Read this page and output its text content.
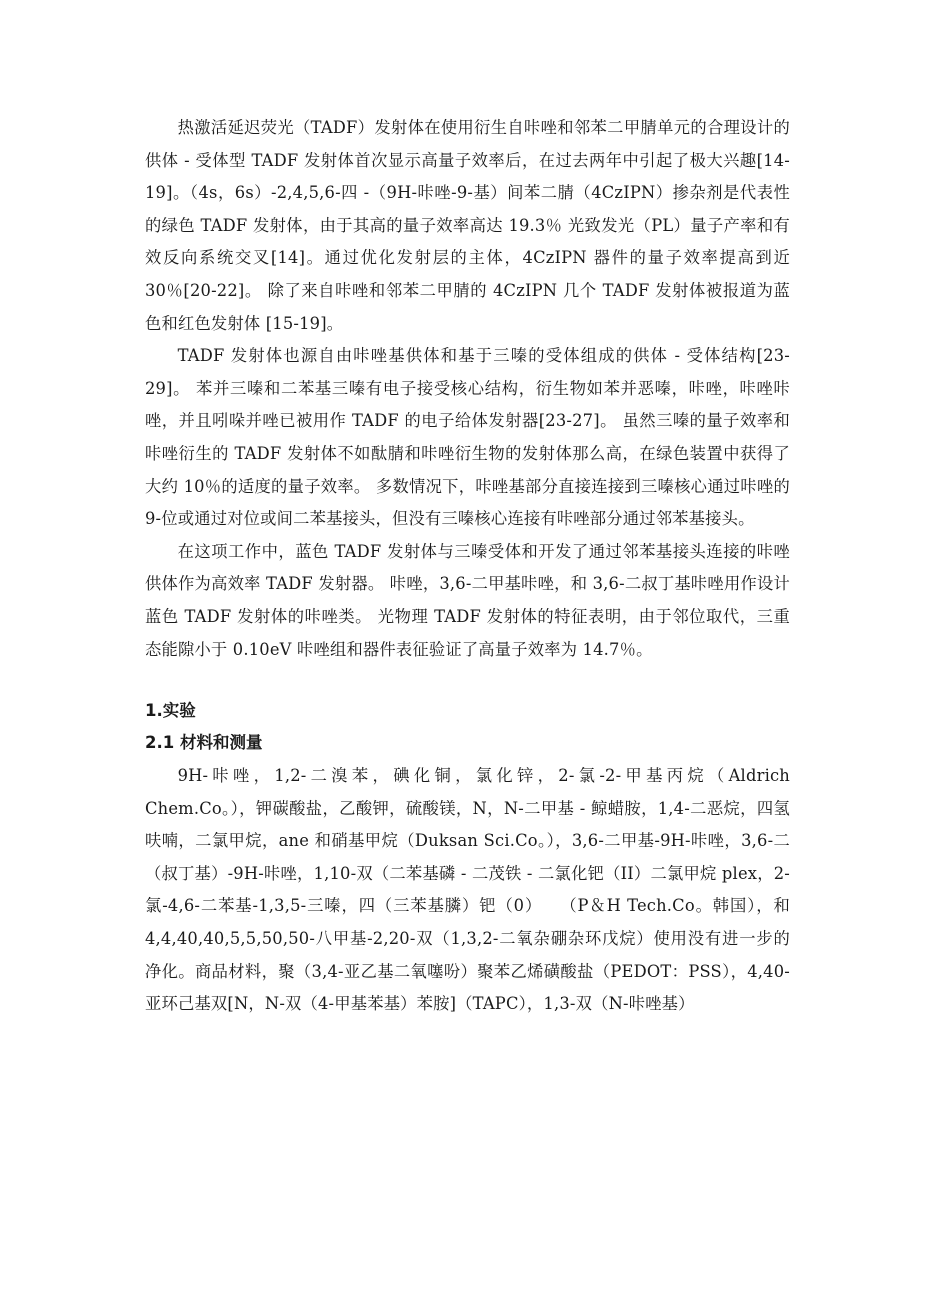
热激活延迟荧光（TADF）发射体在使用衍生自咔唑和邻苯二甲腈单元的合理设计的供体 - 受体型 TADF 发射体首次显示高量子效率后，在过去两年中引起了极大兴趣[14-19]。（4s，6s）-2,4,5,6-四 -（9H-咔唑-9-基）间苯二腈（4CzIPN）掺杂剂是代表性的绿色 TADF 发射体，由于其高的量子效率高达 19.3％ 光致发光（PL）量子产率和有效反向系统交叉[14]。通过优化发射层的主体，4CzIPN 器件的量子效率提高到近 30％[20-22]。 除了来自咔唑和邻苯二甲腈的 4CzIPN 几个 TADF 发射体被报道为蓝色和红色发射体 [15-19]。

TADF 发射体也源自由咔唑基供体和基于三嗪的受体组成的供体 - 受体结构[23-29]。 苯并三嗪和二苯基三嗪有电子接受核心结构，衍生物如苯并恶嗪，咔唑，咔唑咔唑，并且吲哚并唑已被用作 TADF 的电子给体发射器[23-27]。 虽然三嗪的量子效率和咔唑衍生的 TADF 发射体不如酞腈和咔唑衍生物的发射体那么高，在绿色装置中获得了大约 10％的适度的量子效率。 多数情况下，咔唑基部分直接连接到三嗪核心通过咔唑的 9-位或通过对位或间二苯基接头，但没有三嗪核心连接有咔唑部分通过邻苯基接头。

在这项工作中，蓝色 TADF 发射体与三嗪受体和开发了通过邻苯基接头连接的咔唑供体作为高效率 TADF 发射器。 咔唑，3,6-二甲基咔唑，和 3,6-二叔丁基咔唑用作设计蓝色 TADF 发射体的咔唑类。 光物理 TADF 发射体的特征表明，由于邻位取代，三重态能隙小于 0.10eV 咔唑组和器件表征验证了高量子效率为 14.7％。

1.实验
2.1 材料和测量

9H-咔唑，1,2-二溴苯，碘化铜，氯化锌，2-氯-2-甲基丙烷（Aldrich Chem.Co。），钾碳酸盐，乙酸钾，硫酸镁，N，N-二甲基 - 鲸蜡胺，1,4-二恶烷，四氢呋喃，二氯甲烷，ane 和硝基甲烷（Duksan Sci.Co。），3,6-二甲基-9H-咔唑，3,6-二（叔丁基）-9H-咔唑，1,10-双（二苯基磷 - 二茂铁 - 二氯化钯（II）二氯甲烷 plex，2-氯-4,6-二苯基-1,3,5-三嗪，四（三苯基膦）钯（0）　　（P＆H Tech.Co。韩国），和 4,4,40,40,5,5,50,50-八甲基-2,20-双（1,3,2-二氧杂硼杂环戊烷）使用没有进一步的净化。商品材料，聚（3,4-亚乙基二氧噻吩）聚苯乙烯磺酸盐（PEDOT：PSS），4,40-亚环己基双[N，N-双（4-甲基苯基）苯胺]（TAPC），1,3-双（N-咔唑基）
